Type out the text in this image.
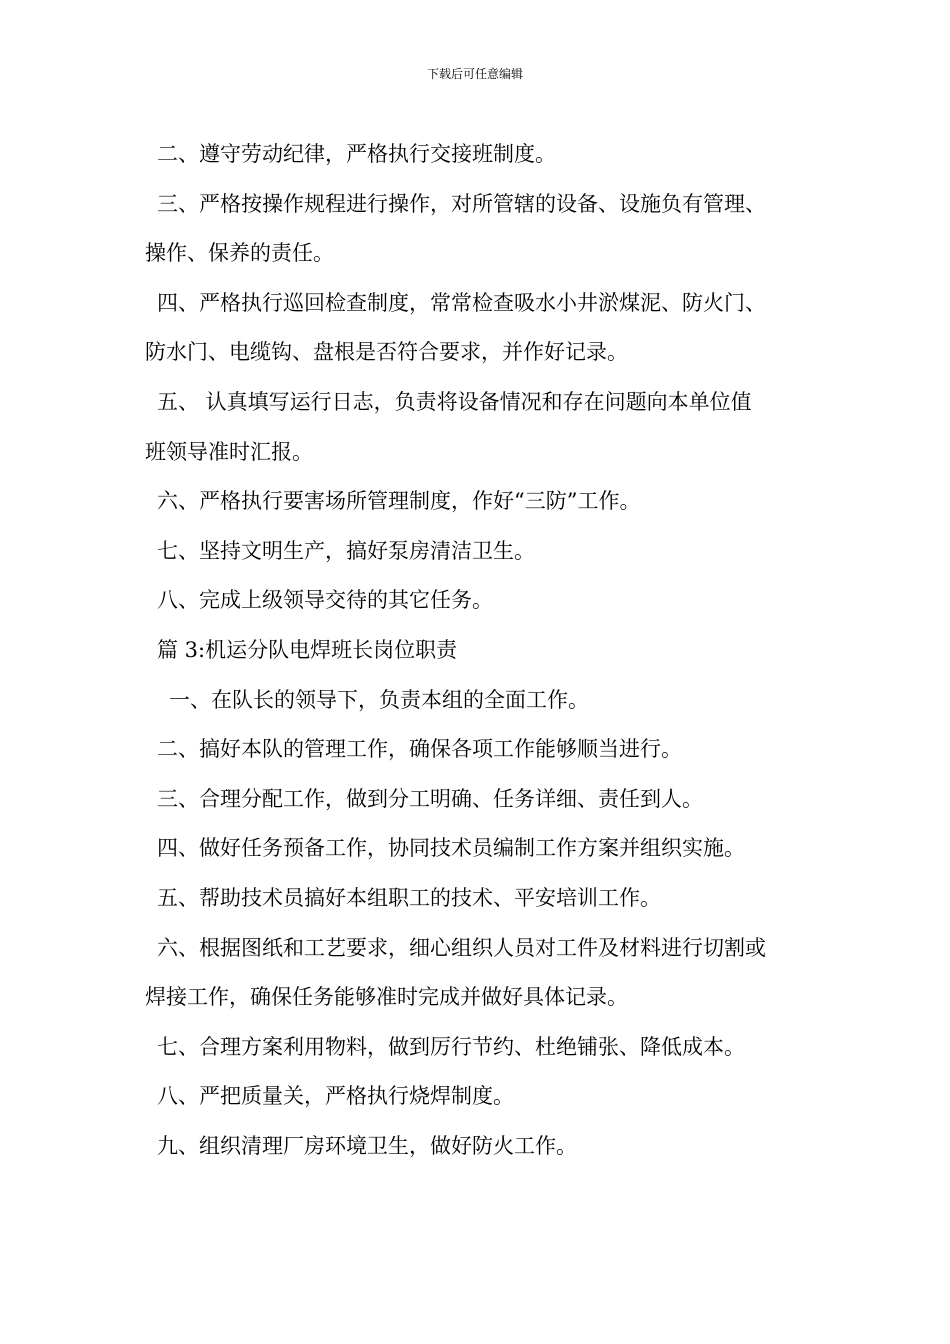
下载后可任意编辑
二、遵守劳动纪律，严格执行交接班制度。
三、严格按操作规程进行操作，对所管辖的设备、设施负有管理、
操作、保养的责任。
四、严格执行巡回检查制度，常常检查吸水小井淤煤泥、防火门、
防水门、电缆钩、盘根是否符合要求，并作好记录。
五、 认真填写运行日志，负责将设备情况和存在问题向本单位值
班领导准时汇报。
六、严格执行要害场所管理制度，作好“三防”工作。
七、坚持文明生产，搞好泵房清洁卫生。
八、完成上级领导交待的其它任务。
篇 3:机运分队电焊班长岗位职责
一、在队长的领导下，负责本组的全面工作。
二、搞好本队的管理工作，确保各项工作能够顺当进行。
三、合理分配工作，做到分工明确、任务详细、责任到人。
四、做好任务预备工作，协同技术员编制工作方案并组织实施。
五、帮助技术员搞好本组职工的技术、平安培训工作。
六、根据图纸和工艺要求，细心组织人员对工件及材料进行切割或
焊接工作，确保任务能够准时完成并做好具体记录。
七、合理方案利用物料，做到厉行节约、杜绝铺张、降低成本。
八、严把质量关，严格执行烧焊制度。
九、组织清理厂房环境卫生，做好防火工作。
